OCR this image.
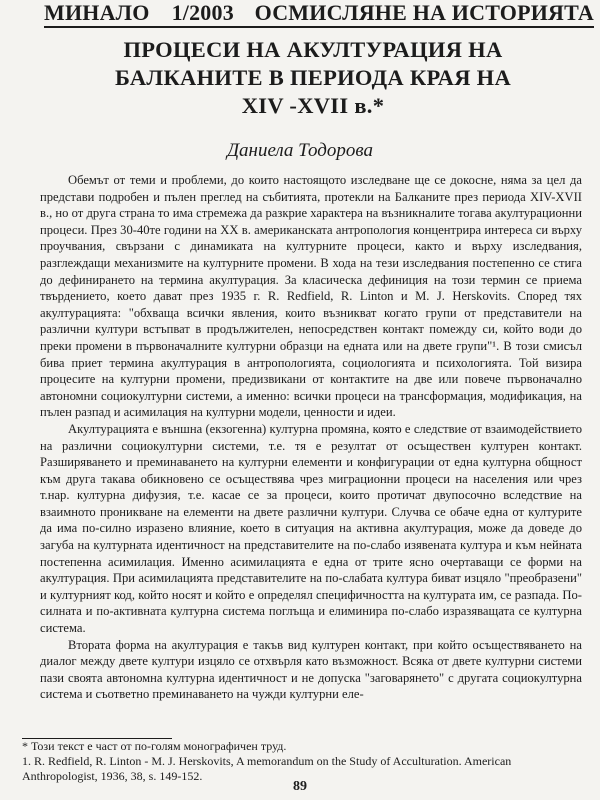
МИНАЛО 1/2003 ОСМИСЛЯНЕ НА ИСТОРИЯТА
ПРОЦЕСИ НА АКУЛТУРАЦИЯ НА
БАЛКАНИТЕ В ПЕРИОДА КРАЯ НА
XIV -XVII в.*
Даниела Тодорова

Обемът от теми и проблеми, до които настоящото изследване ще се докосне, няма за цел да представи подробен и пълен преглед на събитията, протекли на Балканите през периода XIV-XVII в., но от друга страна то има стремежа да разкрие характера на възникналите тогава акултурационни процеси. През 30-40те години на XX в. американската антропология концентрира интереса си върху проучвания, свързани с динамиката на културните процеси, както и върху изследвания, разглеждащи механизмите на културните промени. В хода на тези изследвания постепенно се стига до дефинирането на термина акултурация. За класическа дефиниция на този термин се приема твърдението, което дават през 1935 г. R. Redfield, R. Linton и M. J. Herskovits. Според тях акултурацията: "обхваща всички явления, които възникват когато групи от представители на различни култури встъпват в продължителен, непосредствен контакт помежду си, който води до преки промени в първоначалните културни образци на едната или на двете групи"¹. В този смисъл бива приет термина акултурация в антропологията, социологията и психологията. Той визира процесите на културни промени, предизвикани от контактите на две или повече първоначално автономни социокултурни системи, а именно: всички процеси на трансформация, модификация, на пълен разпад и асимилация на културни модели, ценности и идеи.

Акултурацията е външна (екзогенна) културна промяна, която е следствие от взаимодействието на различни социокултурни системи, т.е. тя е резултат от осъществен културен контакт. Разширяването и преминаването на културни елементи и конфигурации от една културна общност към друга такава обикновено се осъществява чрез миграционни процеси на населения или чрез т.нар. културна дифузия, т.е. касае се за процеси, които протичат двупосочно вследствие на взаимното проникване на елементи на двете различни култури. Случва се обаче една от културите да има по-силно изразено влияние, което в ситуация на активна акултурация, може да доведе до загуба на културната идентичност на представителите на по-слабо изявената култура и към нейната постепенна асимилация. Именно асимилацията е една от трите ясно очертаващи се форми на акултурация. При асимилацията представителите на по-слабата култура биват изцяло "преобразени" и културният код, който носят и който е определял специфичността на културата им, се разпада. По-силната и по-активната културна система поглъща и елиминира по-слабо изразяващата се културна система.

Втората форма на акултурация е такъв вид културен контакт, при който осъществяването на диалог между двете култури изцяло се отхвърля като възможност. Всяка от двете културни системи пази своята автономна културна идентичност и не допуска "заговарянето" с другата социокултурна система и съответно преминаването на чужди културни еле-

* Този текст е част от по-голям монографичен труд.
1. R. Redfield, R. Linton - M. J. Herskovits, A memorandum on the Study of Acculturation. American Anthropologist, 1936, 38, s. 149-152.
89
